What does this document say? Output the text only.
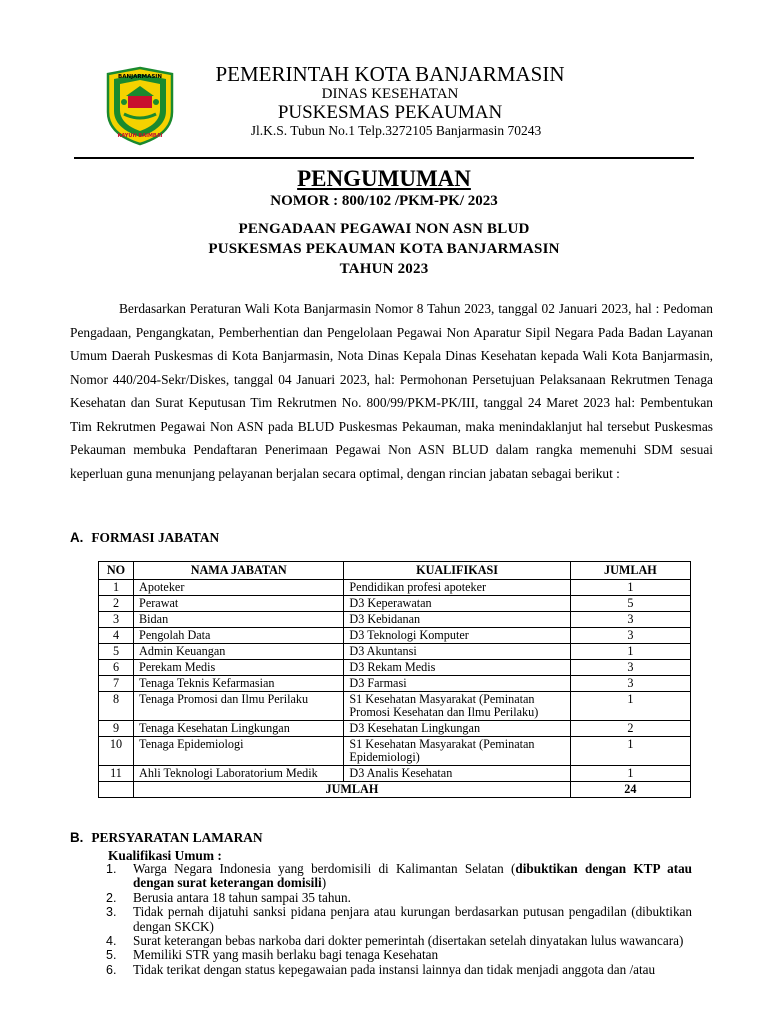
BANJARMASIN
KAYUH BAIMBAI
PEMERINTAH KOTA BANJARMASIN
DINAS KESEHATAN
PUSKESMAS PEKAUMAN
Jl.K.S. Tubun No.1 Telp.3272105 Banjarmasin 70243
PENGUMUMAN
NOMOR : 800/102 /PKM-PK/ 2023
PENGADAAN PEGAWAI NON ASN BLUD
PUSKESMAS PEKAUMAN KOTA BANJARMASIN
TAHUN 2023
Berdasarkan Peraturan Wali Kota Banjarmasin Nomor 8 Tahun 2023, tanggal 02 Januari 2023, hal : Pedoman Pengadaan, Pengangkatan, Pemberhentian dan Pengelolaan Pegawai Non Aparatur Sipil Negara Pada Badan Layanan Umum Daerah Puskesmas di Kota Banjarmasin, Nota Dinas Kepala Dinas Kesehatan kepada Wali Kota Banjarmasin, Nomor 440/204-Sekr/Diskes, tanggal 04 Januari 2023, hal: Permohonan Persetujuan Pelaksanaan Rekrutmen Tenaga Kesehatan dan Surat Keputusan Tim Rekrutmen No. 800/99/PKM-PK/III, tanggal 24 Maret 2023 hal: Pembentukan Tim Rekrutmen Pegawai Non ASN pada BLUD Puskesmas Pekauman, maka menindaklanjut hal tersebut Puskesmas Pekauman membuka Pendaftaran Penerimaan Pegawai Non ASN BLUD dalam rangka memenuhi SDM sesuai keperluan guna menunjang pelayanan berjalan secara optimal, dengan rincian jabatan sebagai berikut :
A. FORMASI JABATAN
NO	NAMA JABATAN	KUALIFIKASI	JUMLAH
1	Apoteker	Pendidikan profesi apoteker	1
2	Perawat	D3 Keperawatan	5
3	Bidan	D3 Kebidanan	3
4	Pengolah Data	D3 Teknologi Komputer	3
5	Admin Keuangan	D3 Akuntansi	1
6	Perekam Medis	D3 Rekam Medis	3
7	Tenaga Teknis Kefarmasian	D3 Farmasi	3
8	Tenaga Promosi dan Ilmu Perilaku	S1 Kesehatan Masyarakat (Peminatan Promosi Kesehatan dan Ilmu Perilaku)	1
9	Tenaga Kesehatan Lingkungan	D3 Kesehatan Lingkungan	2
10	Tenaga Epidemiologi	S1 Kesehatan Masyarakat (Peminatan Epidemiologi)	1
11	Ahli Teknologi Laboratorium Medik	D3 Analis Kesehatan	1
	JUMLAH		24
B. PERSYARATAN LAMARAN
Kualifikasi Umum :
1. Warga Negara Indonesia yang berdomisili di Kalimantan Selatan (dibuktikan dengan KTP atau dengan surat keterangan domisili)
2. Berusia antara 18 tahun sampai 35 tahun.
3. Tidak pernah dijatuhi sanksi pidana penjara atau kurungan berdasarkan putusan pengadilan (dibuktikan dengan SKCK)
4. Surat keterangan bebas narkoba dari dokter pemerintah (disertakan setelah dinyatakan lulus wawancara)
5. Memiliki STR yang masih berlaku bagi tenaga Kesehatan
6. Tidak terikat dengan status kepegawaian pada instansi lainnya dan tidak menjadi anggota dan /atau
